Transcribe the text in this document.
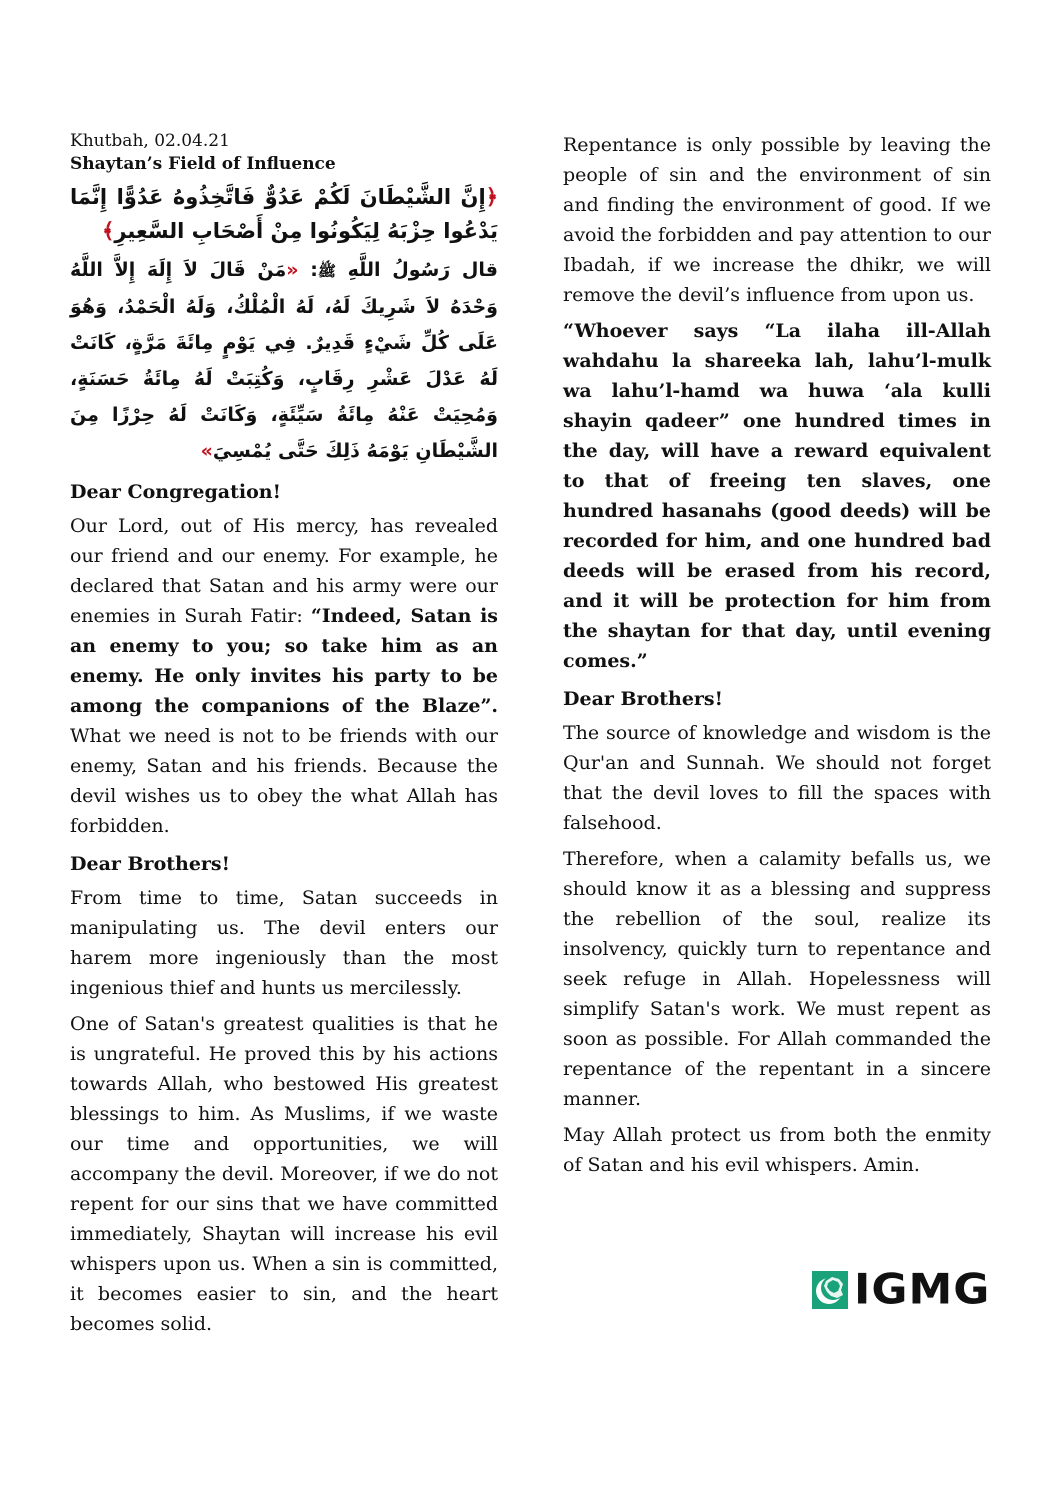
Khutbah, 02.04.21

Shaytan’s Field of Influence

﴿إِنَّ الشَّيْطَانَ لَكُمْ عَدُوٌّ فَاتَّخِذُوهُ عَدُوًّا إِنَّمَا يَدْعُوا حِزْبَهُ لِيَكُونُوا مِنْ أَصْحَابِ السَّعِيرِ﴾

قال رَسُولُ اللَّهِ ﷺ: «مَنْ قَالَ لاَ إِلَهَ إِلاَّ اللَّهُ وَحْدَهُ لاَ شَرِيكَ لَهُ، لَهُ الْمُلْكُ، وَلَهُ الْحَمْدُ، وَهُوَ عَلَى كُلِّ شَيْءٍ قَدِيرٌ. فِي يَوْمٍ مِائَةَ مَرَّةٍ، كَانَتْ لَهُ عَدْلَ عَشْرِ رِقَابٍ، وَكُتِبَتْ لَهُ مِائَةُ حَسَنَةٍ، وَمُحِيَتْ عَنْهُ مِائَةُ سَيِّئَةٍ، وَكَانَتْ لَهُ حِرْزًا مِنَ الشَّيْطَانِ يَوْمَهُ ذَلِكَ حَتَّى يُمْسِيَ»

Dear Congregation!

Our Lord, out of His mercy, has revealed our friend and our enemy. For example, he declared that Satan and his army were our enemies in Surah Fatir: “Indeed, Satan is an enemy to you; so take him as an enemy. He only invites his party to be among the companions of the Blaze”. What we need is not to be friends with our enemy, Satan and his friends. Because the devil wishes us to obey the what Allah has forbidden.

Dear Brothers!

From time to time, Satan succeeds in manipulating us. The devil enters our harem more ingeniously than the most ingenious thief and hunts us mercilessly.

One of Satan's greatest qualities is that he is ungrateful. He proved this by his actions towards Allah, who bestowed His greatest blessings to him. As Muslims, if we waste our time and opportunities, we will accompany the devil. Moreover, if we do not repent for our sins that we have committed immediately, Shaytan will increase his evil whispers upon us. When a sin is committed, it becomes easier to sin, and the heart becomes solid.

Repentance is only possible by leaving the people of sin and the environment of sin and finding the environment of good. If we avoid the forbidden and pay attention to our Ibadah, if we increase the dhikr, we will remove the devil’s influence from upon us.

“Whoever says “La ilaha ill-Allah wahdahu la shareeka lah, lahu’l-mulk wa lahu’l-hamd wa huwa ‘ala kulli shayin qadeer” one hundred times in the day, will have a reward equivalent to that of freeing ten slaves, one hundred hasanahs (good deeds) will be recorded for him, and one hundred bad deeds will be erased from his record, and it will be protection for him from the shaytan for that day, until evening comes.”

Dear Brothers!

The source of knowledge and wisdom is the Qur'an and Sunnah. We should not forget that the devil loves to fill the spaces with falsehood.

Therefore, when a calamity befalls us, we should know it as a blessing and suppress the rebellion of the soul, realize its insolvency, quickly turn to repentance and seek refuge in Allah. Hopelessness will simplify Satan's work. We must repent as soon as possible. For Allah commanded the repentance of the repentant in a sincere manner.

May Allah protect us from both the enmity of Satan and his evil whispers. Amin.

IGMG
